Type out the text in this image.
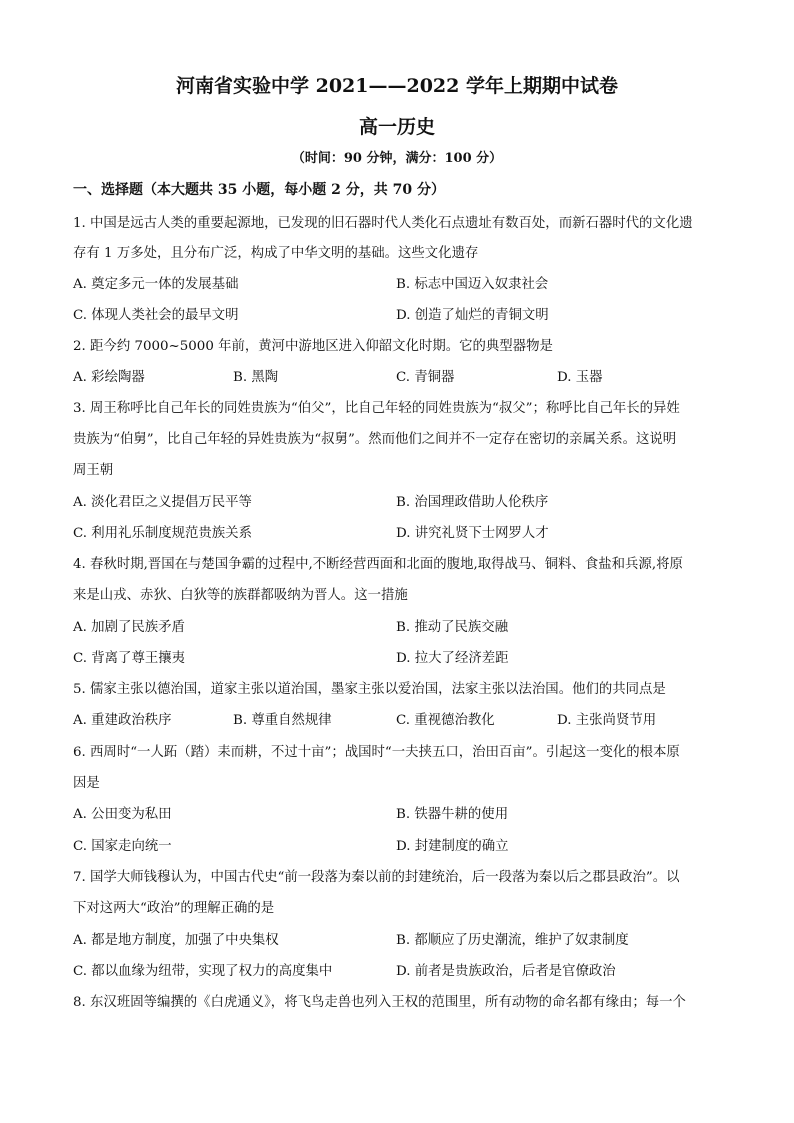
河南省实验中学 2021——2022 学年上期期中试卷
高一历史
（时间：90 分钟，满分：100 分）
一、选择题（本大题共 35 小题，每小题 2 分，共 70 分）
1. 中国是远古人类的重要起源地，已发现的旧石器时代人类化石点遗址有数百处，而新石器时代的文化遗
存有 1 万多处，且分布广泛，构成了中华文明的基础。这些文化遗存
A. 奠定多元一体的发展基础	B. 标志中国迈入奴隶社会
C. 体现人类社会的最早文明	D. 创造了灿烂的青铜文明
2. 距今约 7000~5000 年前，黄河中游地区进入仰韶文化时期。它的典型器物是
A. 彩绘陶器	B. 黑陶	C. 青铜器	D. 玉器
3. 周王称呼比自己年长的同姓贵族为“伯父”，比自己年轻的同姓贵族为“叔父”；称呼比自己年长的异姓
贵族为“伯舅”，比自己年轻的异姓贵族为“叔舅”。然而他们之间并不一定存在密切的亲属关系。这说明
周王朝
A. 淡化君臣之义提倡万民平等	B. 治国理政借助人伦秩序
C. 利用礼乐制度规范贵族关系	D. 讲究礼贤下士网罗人才
4. 春秋时期,晋国在与楚国争霸的过程中,不断经营西面和北面的腹地,取得战马、铜料、食盐和兵源,将原
来是山戎、赤狄、白狄等的族群都吸纳为晋人。这一措施
A. 加剧了民族矛盾	B. 推动了民族交融
C. 背离了尊王攘夷	D. 拉大了经济差距
5. 儒家主张以德治国，道家主张以道治国，墨家主张以爱治国，法家主张以法治国。他们的共同点是
A. 重建政治秩序	B. 尊重自然规律	C. 重视德治教化	D. 主张尚贤节用
6. 西周时“一人跖（踏）耒而耕，不过十亩”；战国时“一夫挟五口，治田百亩”。引起这一变化的根本原
因是
A. 公田变为私田	B. 铁器牛耕的使用
C. 国家走向统一	D. 封建制度的确立
7. 国学大师钱穆认为，中国古代史“前一段落为秦以前的封建统治，后一段落为秦以后之郡县政治”。以
下对这两大“政治”的理解正确的是
A. 都是地方制度，加强了中央集权	B. 都顺应了历史潮流，维护了奴隶制度
C. 都以血缘为纽带，实现了权力的高度集中	D. 前者是贵族政治，后者是官僚政治
8. 东汉班固等编撰的《白虎通义》，将飞鸟走兽也列入王权的范围里，所有动物的命名都有缘由；每一个
